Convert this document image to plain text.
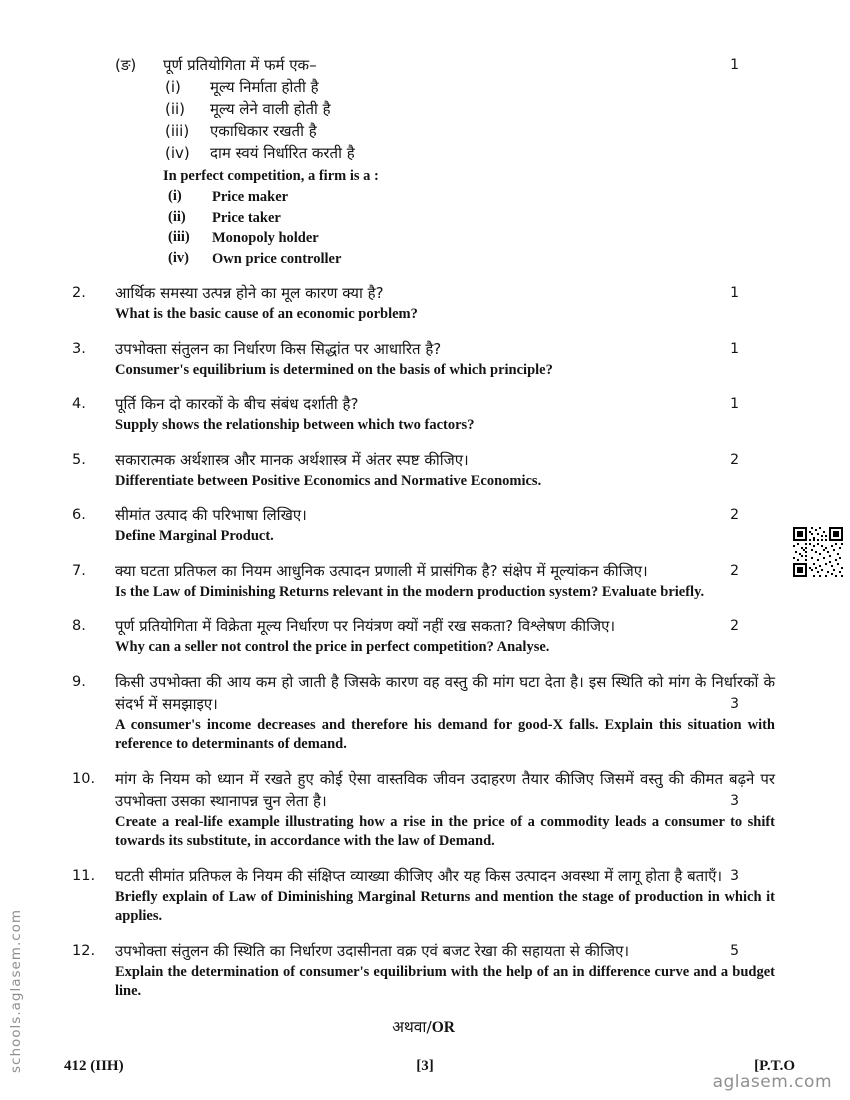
schools.aglasem.com
(ङ)	पूर्ण प्रतियोगिता में फर्म एक–	1
(i)	मूल्य निर्माता होती है
(ii)	मूल्य लेने वाली होती है
(iii)	एकाधिकार रखती है
(iv)	दाम स्वयं निर्धारित करती है
In perfect competition, a firm is a :
(i)	Price maker
(ii)	Price taker
(iii)	Monopoly holder
(iv)	Own price controller
2.	आर्थिक समस्या उत्पन्न होने का मूल कारण क्या है?	1
What is the basic cause of an economic porblem?
3.	उपभोक्ता संतुलन का निर्धारण किस सिद्धांत पर आधारित है?	1
Consumer's equilibrium is determined on the basis of which principle?
4.	पूर्ति किन दो कारकों के बीच संबंध दर्शाती है?	1
Supply shows the relationship between which two factors?
5.	सकारात्मक अर्थशास्त्र और मानक अर्थशास्त्र में अंतर स्पष्ट कीजिए।	2
Differentiate between Positive Economics and Normative Economics.
6.	सीमांत उत्पाद की परिभाषा लिखिए।	2
Define Marginal Product.
7.	क्या घटता प्रतिफल का नियम आधुनिक उत्पादन प्रणाली में प्रासंगिक है? संक्षेप में मूल्यांकन कीजिए।	2
Is the Law of Diminishing Returns relevant in the modern production system? Evaluate briefly.
8.	पूर्ण प्रतियोगिता में विक्रेता मूल्य निर्धारण पर नियंत्रण क्यों नहीं रख सकता? विश्लेषण कीजिए।	2
Why can a seller not control the price in perfect competition? Analyse.
9.	किसी उपभोक्ता की आय कम हो जाती है जिसके कारण वह वस्तु की मांग घटा देता है। इस स्थिति को मांग के निर्धारकों के संदर्भ में समझाइए।	3
A consumer's income decreases and therefore his demand for good-X falls. Explain this situation with reference to determinants of demand.
10.	मांग के नियम को ध्यान में रखते हुए कोई ऐसा वास्तविक जीवन उदाहरण तैयार कीजिए जिसमें वस्तु की कीमत बढ़ने पर उपभोक्ता उसका स्थानापन्न चुन लेता है।	3
Create a real-life example illustrating how a rise in the price of a commodity leads a consumer to shift towards its substitute, in accordance with the law of Demand.
11.	घटती सीमांत प्रतिफल के नियम की संक्षिप्त व्याख्या कीजिए और यह किस उत्पादन अवस्था में लागू होता है बताएँ। 3
Briefly explain of Law of Diminishing Marginal Returns and mention the stage of production in which it applies.
12.	उपभोक्ता संतुलन की स्थिति का निर्धारण उदासीनता वक्र एवं बजट रेखा की सहायता से कीजिए।	5
Explain the determination of consumer's equilibrium with the help of an in difference curve and a budget line.
अथवा/OR
[3]
412 (IIH)	[P.T.O
aglasem.com
